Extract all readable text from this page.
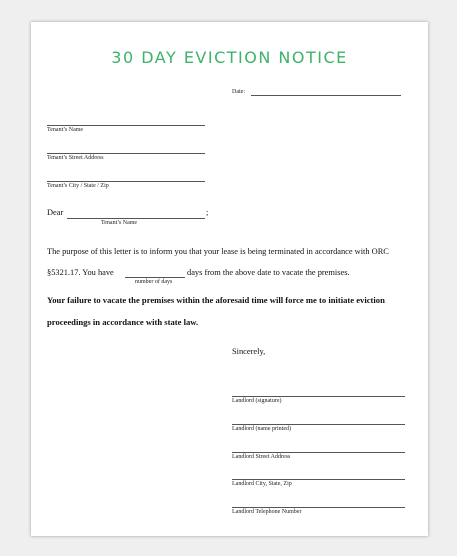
30 DAY EVICTION NOTICE
Date:
Tenant’s Name
Tenant’s Street Address
Tenant’s City / State / Zip
Dear	;
Tenant’s Name
The purpose of this letter is to inform you that your lease is being terminated in accordance with ORC
§5321.17. You have	days from the above date to vacate the premises.
number of days
Your failure to vacate the premises within the aforesaid time will force me to initiate eviction
proceedings in accordance with state law.
Sincerely,
Landlord (signature)
Landlord (name printed)
Landlord Street Address
Landlord City, State, Zip
Landlord Telephone Number
